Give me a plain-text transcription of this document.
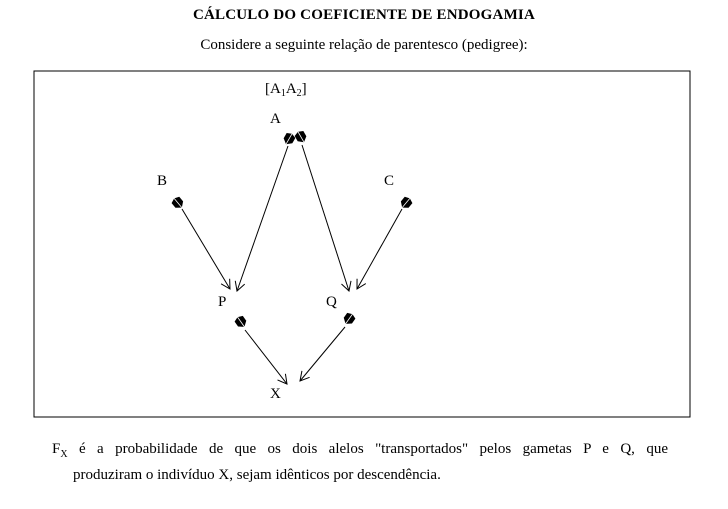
CÁLCULO DO COEFICIENTE DE ENDOGAMIA
Considere a seguinte relação de parentesco (pedigree):
$[A_1A_2]$
A
B	C
P	Q
X
$F_X$ é a probabilidade de que os dois alelos "transportados" pelos gametas P e Q, que
produziram o indivíduo X, sejam idênticos por descendência.
